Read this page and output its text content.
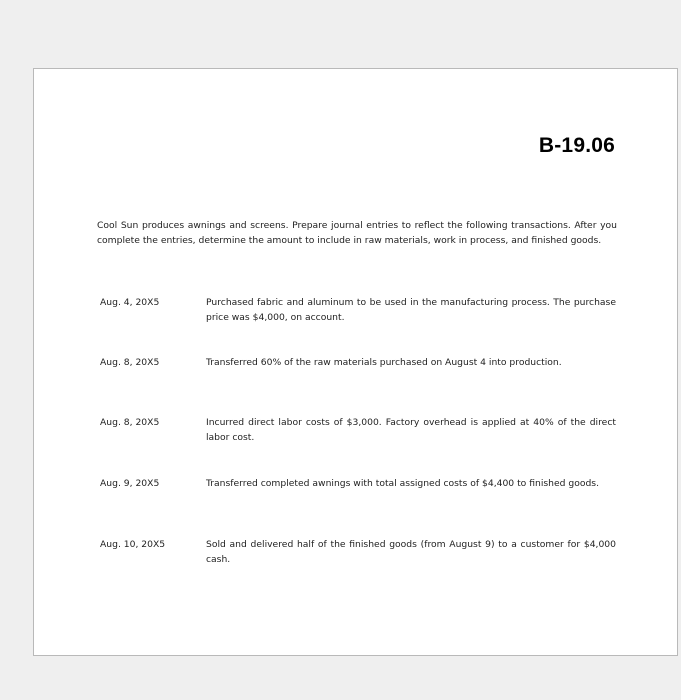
B-19.06
Cool Sun produces awnings and screens. Prepare journal entries to reflect the following transactions. After you complete the entries, determine the amount to include in raw materials, work in process, and finished goods.
Aug. 4, 20X5	Purchased fabric and aluminum to be used in the manufacturing process. The purchase price was $4,000, on account.
Aug. 8, 20X5	Transferred 60% of the raw materials purchased on August 4 into production.
Aug. 8, 20X5	Incurred direct labor costs of $3,000. Factory overhead is applied at 40% of the direct labor cost.
Aug. 9, 20X5	Transferred completed awnings with total assigned costs of $4,400 to finished goods.
Aug. 10, 20X5	Sold and delivered half of the finished goods (from August 9) to a customer for $4,000 cash.
